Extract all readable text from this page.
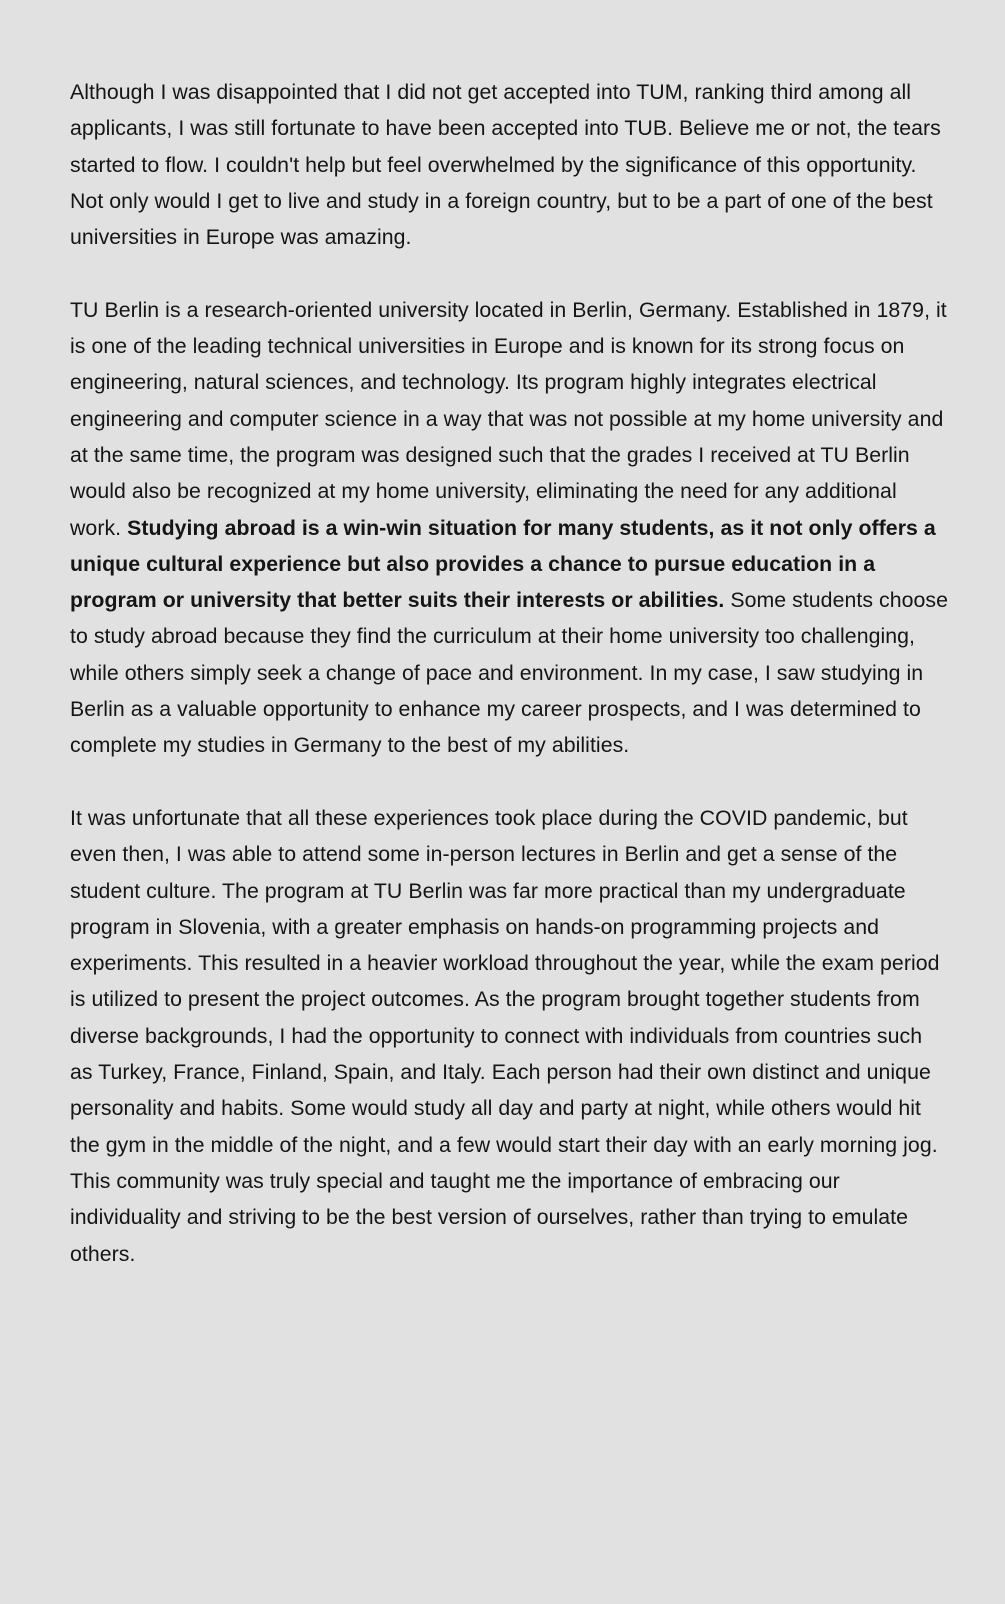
Although I was disappointed that I did not get accepted into TUM, ranking third among all applicants, I was still fortunate to have been accepted into TUB. Believe me or not, the tears started to flow. I couldn't help but feel overwhelmed by the significance of this opportunity. Not only would I get to live and study in a foreign country, but to be a part of one of the best universities in Europe was amazing.

TU Berlin is a research-oriented university located in Berlin, Germany. Established in 1879, it is one of the leading technical universities in Europe and is known for its strong focus on engineering, natural sciences, and technology. Its program highly integrates electrical engineering and computer science in a way that was not possible at my home university and at the same time, the program was designed such that the grades I received at TU Berlin would also be recognized at my home university, eliminating the need for any additional work. Studying abroad is a win-win situation for many students, as it not only offers a unique cultural experience but also provides a chance to pursue education in a program or university that better suits their interests or abilities. Some students choose to study abroad because they find the curriculum at their home university too challenging, while others simply seek a change of pace and environment. In my case, I saw studying in Berlin as a valuable opportunity to enhance my career prospects, and I was determined to complete my studies in Germany to the best of my abilities.

It was unfortunate that all these experiences took place during the COVID pandemic, but even then, I was able to attend some in-person lectures in Berlin and get a sense of the student culture. The program at TU Berlin was far more practical than my undergraduate program in Slovenia, with a greater emphasis on hands-on programming projects and experiments. This resulted in a heavier workload throughout the year, while the exam period is utilized to present the project outcomes. As the program brought together students from diverse backgrounds, I had the opportunity to connect with individuals from countries such as Turkey, France, Finland, Spain, and Italy. Each person had their own distinct and unique personality and habits. Some would study all day and party at night, while others would hit the gym in the middle of the night, and a few would start their day with an early morning jog. This community was truly special and taught me the importance of embracing our individuality and striving to be the best version of ourselves, rather than trying to emulate others.
